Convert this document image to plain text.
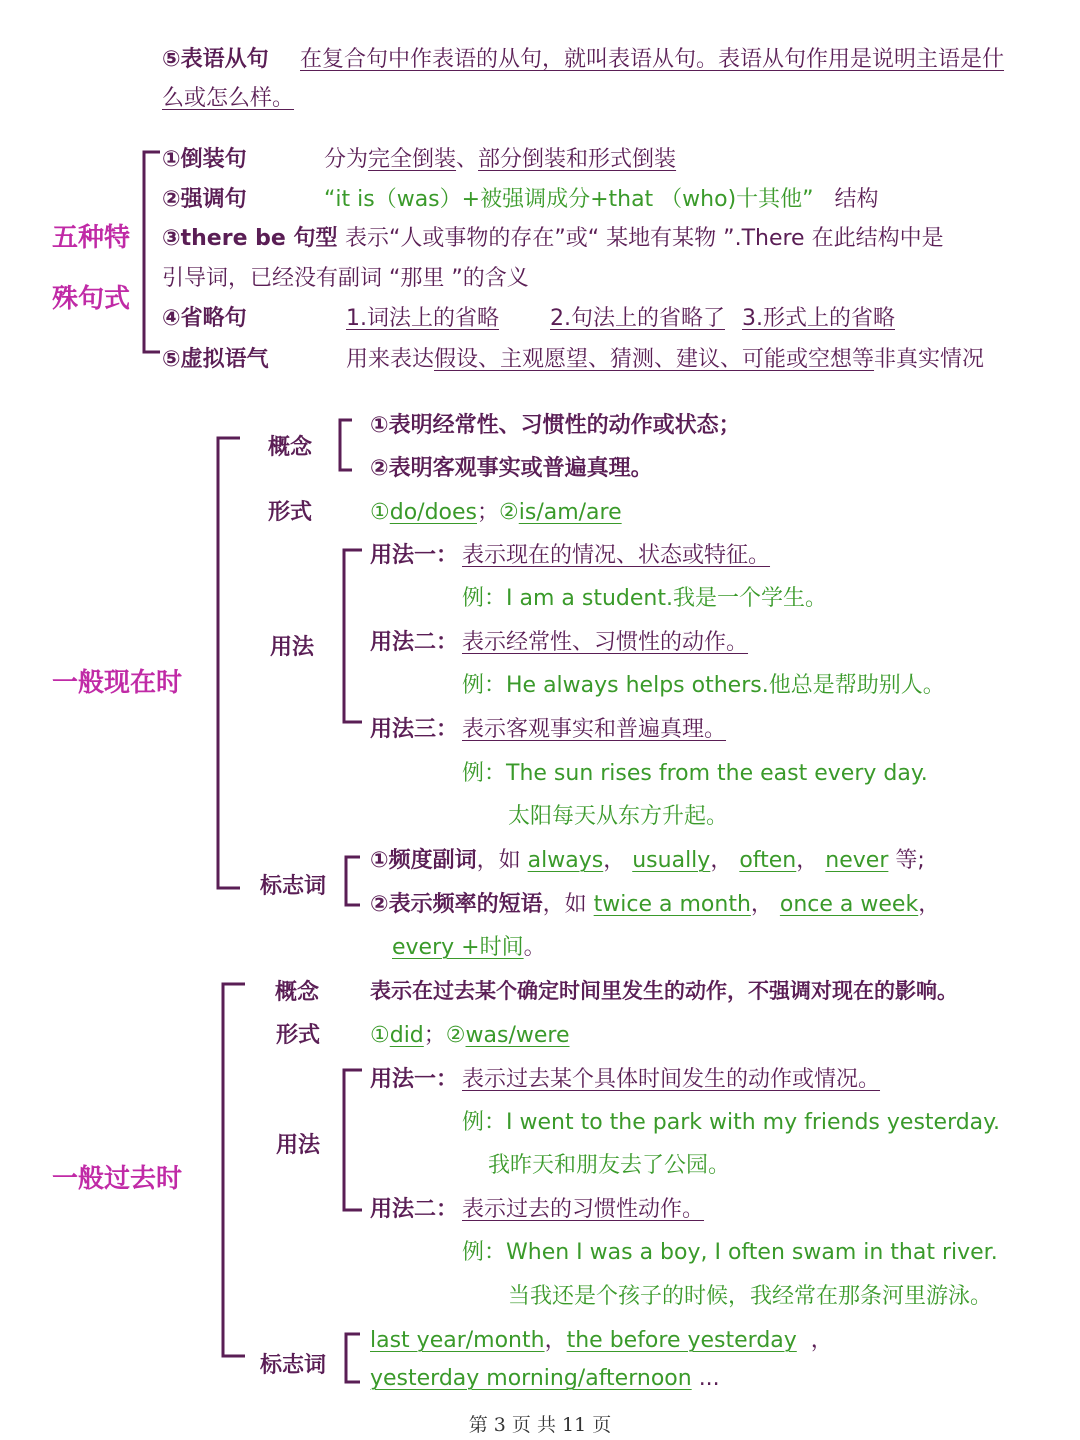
⑤表语从句 在复合句中作表语的从句，就叫表语从句。表语从句作用是说明主语是什
么或怎么样。
五种特
殊句式
①倒装句	分为完全倒装、部分倒装和形式倒装
②强调句	“it is（was）+被强调成分+that （who)十其他” 结构
③there be 句型 表示“人或事物的存在”或“ 某地有某物 ”.There 在此结构中是
引导词，已经没有副词 “那里 ”的含义
④省略句	1.词法上的省略 2.句法上的省略了 3.形式上的省略
⑤虚拟语气	用来表达假设、主观愿望、猜测、建议、可能或空想等非真实情况
一般现在时
概念
①表明经常性、习惯性的动作或状态；
②表明客观事实或普遍真理。
形式	①do/does；②is/am/are
用法
用法一： 表示现在的情况、状态或特征。
例：I am a student.我是一个学生。
用法二： 表示经常性、习惯性的动作。
例：He always helps others.他总是帮助别人。
用法三： 表示客观事实和普遍真理。
例：The sun rises from the east every day.
太阳每天从东方升起。
标志词
①频度副词，如 always， usually， often， never 等;
②表示频率的短语，如 twice a month， once a week，
every +时间。
一般过去时
概念 表示在过去某个确定时间里发生的动作，不强调对现在的影响。
形式 ①did；②was/were
用法
用法一： 表示过去某个具体时间发生的动作或情况。
例：I went to the park with my friends yesterday.
我昨天和朋友去了公园。
用法二： 表示过去的习惯性动作。
例：When I was a boy, I often swam in that river.
当我还是个孩子的时候，我经常在那条河里游泳。
标志词
last year/month，the before yesterday ，
yesterday morning/afternoon ...
第 3 页 共 11 页
